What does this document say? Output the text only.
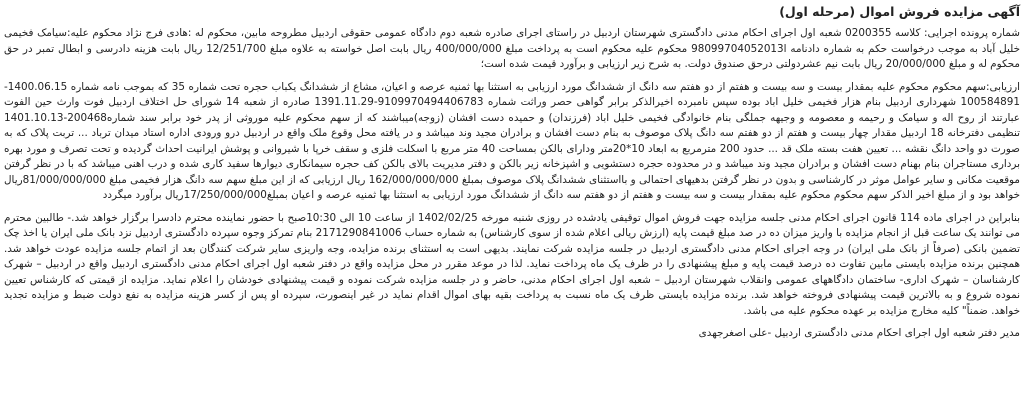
آگهی مزایده فروش اموال (مرحله اول)

شماره پرونده اجرایی: کلاسه 0200355 شعبه اول اجرای احکام مدنی دادگستری شهرستان اردبیل در راستای اجرای صادره شعبه دوم دادگاه عمومی حقوقی اردبیل مطروحه مابین، محکوم له :هادی فرج نژاد محکوم علیه:سیامک فخیمی خلیل آباد به موجب درخواست حکم به شماره دادنامه 98099704052013l محکوم علیه محکوم است به پرداخت مبلغ 400/000/000 ریال بابت اصل خواسته به علاوه مبلغ 12/251/700 ریال بابت هزینه دادرسی و ابطال تمبر در حق محکوم له و مبلغ 20/000/000 ریال بابت نیم عشردولتی درحق صندوق دولت. به شرح زیر ارزیابی و برآورد قیمت شده است؛

ارزیابی:سهم محکوم محکوم علیه بمقدار بیست و سه بیست و هفتم از دو هفتم سه دانگ از ششدانگ مورد ارزیابی به استثنا بها ثمنیه عرصه و اعیان، مشاع از ششدانگ یکباب حجره تحت شماره 35 که بموجب نامه شماره 1400.06.15-100584891 شهرداری اردبیل بنام هزار فخیمی خلیل اباد بوده سپس نامبرده اخیرالذکر برابر گواهی حصر وراثت شماره 9109970494406783-1391.11.29 صادره از شعبه 14 شورای حل اختلاف اردبیل فوت وارث حین الفوت عبارتند از روح اله و سیامک و رحیمه و معصومه و وجیهه جملگی بنام خانوادگی فخیمی خلیل اباد (فرزندان) و حمیده دست افشان (زوجه)میباشند که از سهم محکوم علیه موروثی از پدر خود برابر سند شماره200468-1401.10.13 تنظیمی دفترخانه 18 اردبیل مقدار چهار بیست و هفتم از دو هفتم سه دانگ پلاک موصوف به بنام دست افشان و برادران مجید وند میباشد و در یافته محل وقوع ملک واقع در اردبیل درو ورودی اداره استاد میدان ترباد ... تربت پلاک که به صورت دو واحد دانگ نقشه ... تعیین هفت بسته ملک قد ... حدود 200 مترمربع به ابعاد 10*20متر ودارای بالکن بمساحت 40 متر مربع با اسکلت فلزی و سقف خرپا با شیروانی و پوشش ایرانیت احداث گردیده و تحت تصرف و مورد بهره برداری مستاجران بنام بهنام دست افشان و برادران مجید وند میباشد و در محدوده حجره دستشویی و اشپزخانه زیر بالکن و دفتر مدیریت بالای بالکن کف حجره سیمانکاری دیوارها سفید کاری شده و درب اهنی میباشد که با در نظر گرفتن موقعیت مکانی و سایر عوامل موثر در کارشناسی و بدون در نظر گرفتن بدهیهای احتمالی و بااستثنای ششدانگ پلاک موصوف بمبلغ 162/000/000/000 ریال ارزیابی که از این مبلغ سهم سه دانگ هزار فخیمی مبلغ 81/000/000/000ریال خواهد بود و از مبلغ اخیر الذکر سهم محکوم محکوم علیه بمقدار بیست و سه بیست و هفتم از دو هفتم سه دانگ از ششدانگ مورد ارزیابی به استثنا بها ثمنیه عرصه و اعیان بمبلغ17/250/000/000ریال برآورد میگردد

بنابراین در اجرای ماده 114 قانون اجرای احکام مدنی جلسه مزایده جهت فروش اموال توقیفی یادشده در روزی شنبه مورخه 1402/02/25 از ساعت 10 الی 10:30صبح با حضور نماینده محترم دادسرا برگزار خواهد شد.- طالبین محترم می توانند یک ساعت قبل از انجام مزایده با واریز میزان ده در صد مبلغ قیمت پایه (ارزش ریالی اعلام شده از سوی کارشناس) به شماره حساب 2171290841006 بنام تمرکز وجوه سپرده دادگستری اردبیل نزد بانک ملی ایران یا اخذ چک تضمین بانکی (صرفاً از بانک ملی ایران) در وجه اجرای احکام مدنی دادگستری اردبیل در جلسه مزایده شرکت نمایند. بدیهی است به استثنای برنده مزایده، وجه واریزی سایر شرکت کنندگان بعد از اتمام جلسه مزایده عودت خواهد شد. همچنین برنده مزایده بایستی مابین تفاوت ده درصد قیمت پایه و مبلغ پیشنهادی را در ظرف یک ماه پرداخت نماید. لذا در موعد مقرر در محل مزایده واقع در دفتر شعبه اول اجرای احکام مدنی دادگستری اردبیل واقع در اردبیل – شهرک کارشناسان – شهرک اداری- ساختمان دادگاههای عمومی وانقلاب شهرستان اردبیل – شعبه اول اجرای احکام مدنی، حاضر و در جلسه مزایده شرکت نموده و قیمت پیشنهادی خودشان را اعلام نماید. مزایده از قیمتی که کارشناس تعیین نموده شروع و به بالاترین قیمت پیشنهادی فروخته خواهد شد. برنده مزایده بایستی ظرف یک ماه نسبت به پرداخت بقیه بهای اموال اقدام نماید در غیر اینصورت، سپرده او پس از کسر هزینه مزایده به نفع دولت ضبط و مزایده تجدید خواهد. ضمناً" کلیه مخارج مزایده بر عهده محکوم علیه می باشد.

مدیر دفتر شعبه اول اجرای احکام مدنی دادگستری اردبیل -علی اصغرجهدی
